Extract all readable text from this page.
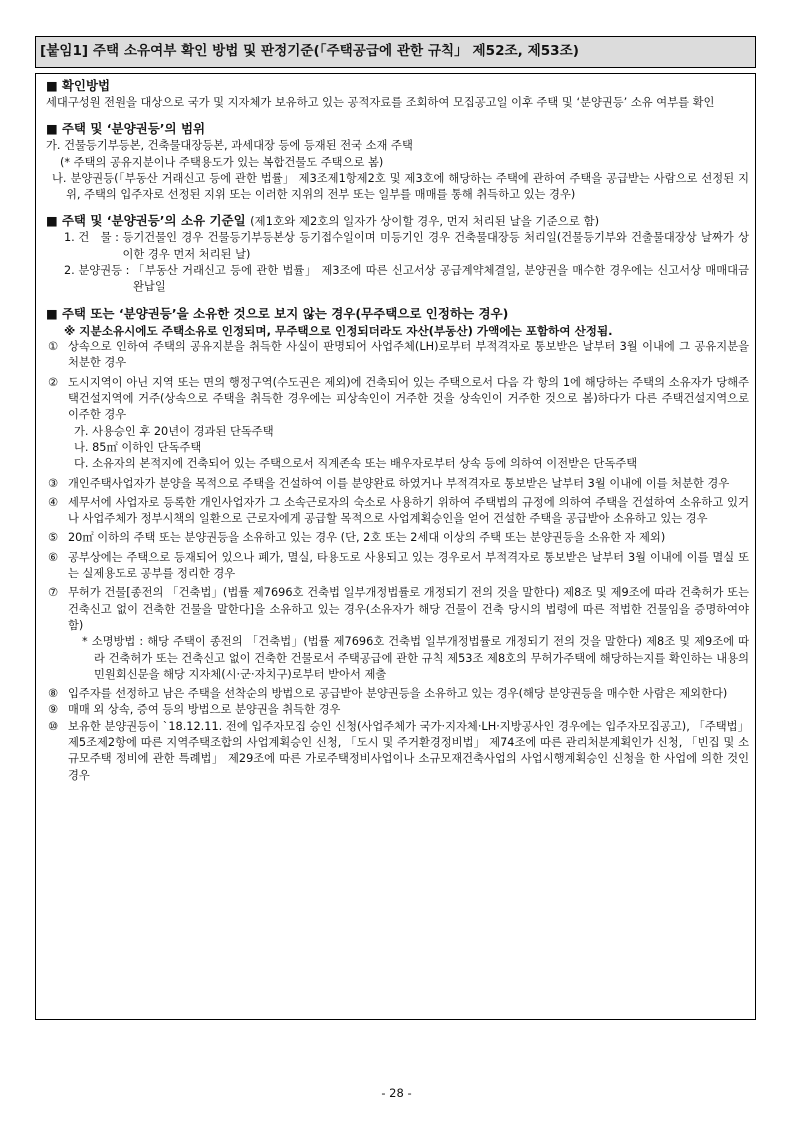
[붙임1] 주택 소유여부 확인 방법 및 판정기준(「주택공급에 관한 규칙」 제52조, 제53조)
■ 확인방법
세대구성원 전원을 대상으로 국가 및 지자체가 보유하고 있는 공적자료를 조회하여 모집공고일 이후 주택 및 ‘분양권등’ 소유 여부를 확인
■ 주택 및 ‘분양권등’의 범위
가. 건물등기부등본, 건축물대장등본, 과세대장 등에 등재된 전국 소재 주택
(* 주택의 공유지분이나 주택용도가 있는 복합건물도 주택으로 봄)
나. 분양권등(「부동산 거래신고 등에 관한 법률」 제3조제1항제2호 및 제3호에 해당하는 주택에 관하여 주택을 공급받는 사람으로 선정된 지위, 주택의 입주자로 선정된 지위 또는 이러한 지위의 전부 또는 일부를 매매를 통해 취득하고 있는 경우)
■ 주택 및 ‘분양권등’의 소유 기준일 (제1호와 제2호의 일자가 상이할 경우, 먼저 처리된 날을 기준으로 함)
1. 건　물 : 등기건물인 경우 건물등기부등본상 등기접수일이며 미등기인 경우 건축물대장등 처리일(건물등기부와 건출물대장상 날짜가 상이한 경우 먼저 처리된 날)
2. 분양권등 : 「부동산 거래신고 등에 관한 법률」 제3조에 따른 신고서상 공급계약체결일, 분양권을 매수한 경우에는 신고서상 매매대금 완납일
■ 주택 또는 ‘분양권등’을 소유한 것으로 보지 않는 경우(무주택으로 인정하는 경우)
※ 지분소유시에도 주택소유로 인정되며, 무주택으로 인정되더라도 자산(부동산) 가액에는 포함하여 산정됨.
① 상속으로 인하여 주택의 공유지분을 취득한 사실이 판명되어 사업주체(LH)로부터 부적격자로 통보받은 날부터 3월 이내에 그 공유지분을 처분한 경우
② 도시지역이 아닌 지역 또는 면의 행정구역(수도권은 제외)에 건축되어 있는 주택으로서 다음 각 항의 1에 해당하는 주택의 소유자가 당해주택건설지역에 거주(상속으로 주택을 취득한 경우에는 피상속인이 거주한 것을 상속인이 거주한 것으로 봄)하다가 다른 주택건설지역으로 이주한 경우
가. 사용승인 후 20년이 경과된 단독주택
나. 85㎡ 이하인 단독주택
다. 소유자의 본적지에 건축되어 있는 주택으로서 직계존속 또는 배우자로부터 상속 등에 의하여 이전받은 단독주택
③ 개인주택사업자가 분양을 목적으로 주택을 건설하여 이를 분양완료 하였거나 부적격자로 통보받은 날부터 3월 이내에 이를 처분한 경우
④ 세무서에 사업자로 등록한 개인사업자가 그 소속근로자의 숙소로 사용하기 위하여 주택법의 규정에 의하여 주택을 건설하여 소유하고 있거나 사업주체가 정부시책의 일환으로 근로자에게 공급할 목적으로 사업계획승인을 얻어 건설한 주택을 공급받아 소유하고 있는 경우
⑤ 20㎡ 이하의 주택 또는 분양권등을 소유하고 있는 경우 (단, 2호 또는 2세대 이상의 주택 또는 분양권등을 소유한 자 제외)
⑥ 공부상에는 주택으로 등재되어 있으나 폐가, 멸실, 타용도로 사용되고 있는 경우로서 부적격자로 통보받은 날부터 3월 이내에 이를 멸실 또는 실제용도로 공부를 정리한 경우
⑦ 무허가 건물[종전의 「건축법」(법률 제7696호 건축법 일부개정법률로 개정되기 전의 것을 말한다) 제8조 및 제9조에 따라 건축허가 또는 건축신고 없이 건축한 건물을 말한다]을 소유하고 있는 경우(소유자가 해당 건물이 건축 당시의 법령에 따른 적법한 건물임을 증명하여야 함)
* 소명방법 : 해당 주택이 종전의 「건축법」(법률 제7696호 건축법 일부개정법률로 개정되기 전의 것을 말한다) 제8조 및 제9조에 따라 건축허가 또는 건축신고 없이 건축한 건물로서 주택공급에 관한 규칙 제53조 제8호의 무허가주택에 해당하는지를 확인하는 내용의 민원회신문을 해당 지자체(시·군·자치구)로부터 받아서 제출
⑧ 입주자를 선정하고 남은 주택을 선착순의 방법으로 공급받아 분양권등을 소유하고 있는 경우(해당 분양권등을 매수한 사람은 제외한다)
⑨ 매매 외 상속, 증여 등의 방법으로 분양권을 취득한 경우
⑩ 보유한 분양권등이 `18.12.11. 전에 입주자모집 승인 신청(사업주체가 국가·지자체·LH·지방공사인 경우에는 입주자모집공고), 「주택법」 제5조제2항에 따른 지역주택조합의 사업계획승인 신청, 「도시 및 주거환경정비법」 제74조에 따른 관리처분계획인가 신청, 「빈집 및 소규모주택 정비에 관한 특례법」 제29조에 따른 가로주택정비사업이나 소규모재건축사업의 사업시행계획승인 신청을 한 사업에 의한 것인 경우
- 28 -
